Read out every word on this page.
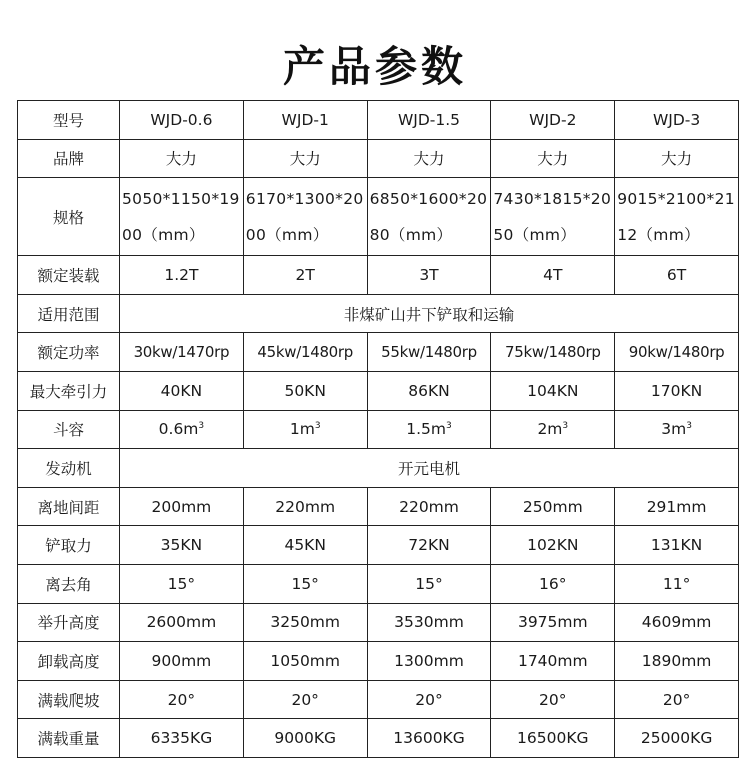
产品参数
型号	WJD-0.6	WJD-1	WJD-1.5	WJD-2	WJD-3
品牌	大力	大力	大力	大力	大力
规格	5050*1150*1900（mm）	6170*1300*2000（mm）	6850*1600*2080（mm）	7430*1815*2050（mm）	9015*2100*2112（mm）
额定装载	1.2T	2T	3T	4T	6T
适用范围	非煤矿山井下铲取和运输				
额定功率	30kw/1470rp	45kw/1480rp	55kw/1480rp	75kw/1480rp	90kw/1480rp
最大牵引力	40KN	50KN	86KN	104KN	170KN
斗容	$0.6m^3$	$1m^3$	$1.5m^3$	$2m^3$	$3m^3$
发动机	开元电机				
离地间距	200mm	220mm	220mm	250mm	291mm
铲取力	35KN	45KN	72KN	102KN	131KN
离去角	15°	15°	15°	16°	11°
举升高度	2600mm	3250mm	3530mm	3975mm	4609mm
卸载高度	900mm	1050mm	1300mm	1740mm	1890mm
满载爬坡	20°	20°	20°	20°	20°
满载重量	6335KG	9000KG	13600KG	16500KG	25000KG
